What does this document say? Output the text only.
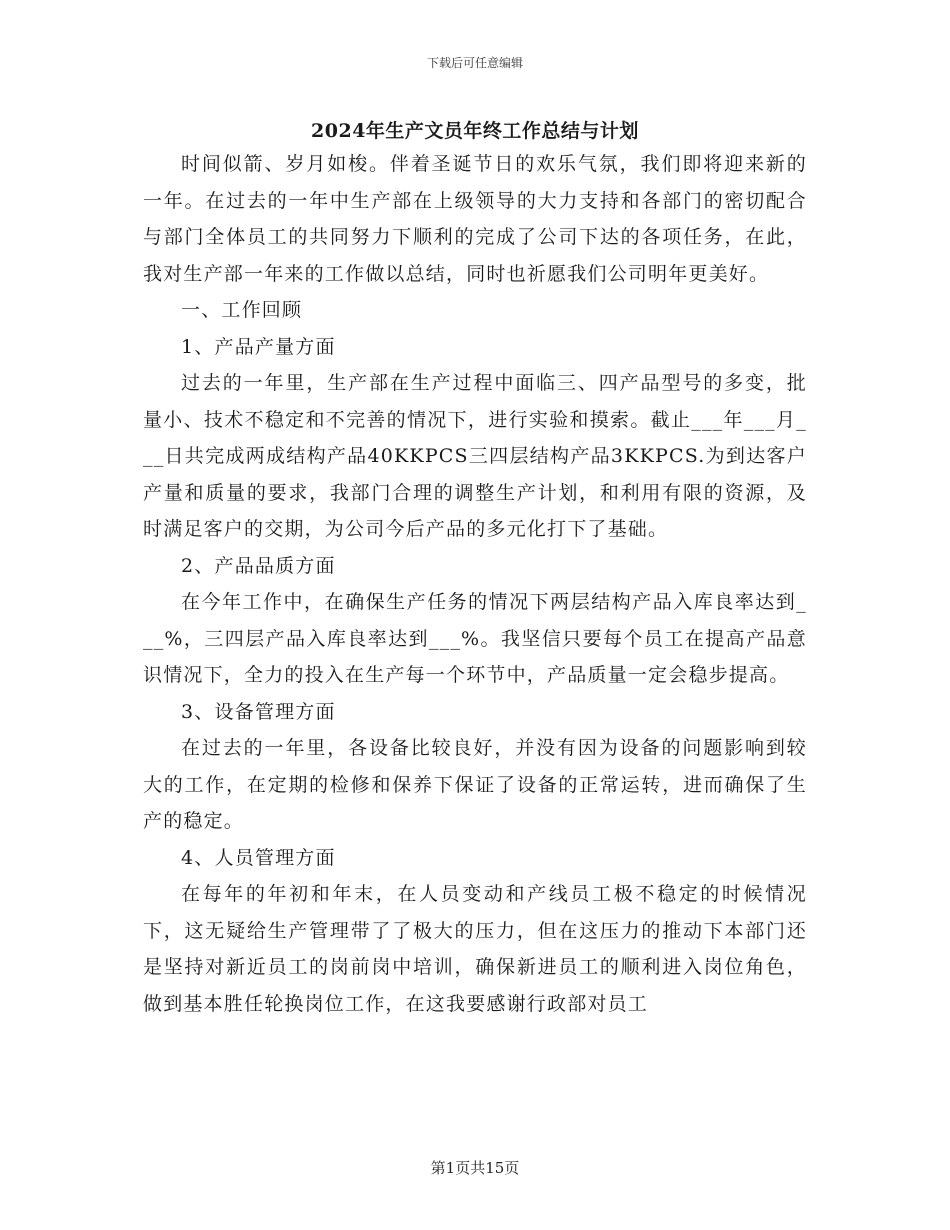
下载后可任意编辑
2024年生产文员年终工作总结与计划

时间似箭、岁月如梭。伴着圣诞节日的欢乐气氛，我们即将迎来新的一年。在过去的一年中生产部在上级领导的大力支持和各部门的密切配合与部门全体员工的共同努力下顺利的完成了公司下达的各项任务，在此，我对生产部一年来的工作做以总结，同时也祈愿我们公司明年更美好。

一、工作回顾

1、产品产量方面

过去的一年里，生产部在生产过程中面临三、四产品型号的多变，批量小、技术不稳定和不完善的情况下，进行实验和摸索。截止___年___月___日共完成两成结构产品40KKPCS三四层结构产品3KKPCS.为到达客户产量和质量的要求，我部门合理的调整生产计划，和利用有限的资源，及时满足客户的交期，为公司今后产品的多元化打下了基础。

2、产品品质方面

在今年工作中，在确保生产任务的情况下两层结构产品入库良率达到___%，三四层产品入库良率达到___%。我坚信只要每个员工在提高产品意识情况下，全力的投入在生产每一个环节中，产品质量一定会稳步提高。

3、设备管理方面

在过去的一年里，各设备比较良好，并没有因为设备的问题影响到较大的工作，在定期的检修和保养下保证了设备的正常运转，进而确保了生产的稳定。

4、人员管理方面

在每年的年初和年末，在人员变动和产线员工极不稳定的时候情况下，这无疑给生产管理带了了极大的压力，但在这压力的推动下本部门还是坚持对新近员工的岗前岗中培训，确保新进员工的顺利进入岗位角色，做到基本胜任轮换岗位工作，在这我要感谢行政部对员工

第1页共15页
